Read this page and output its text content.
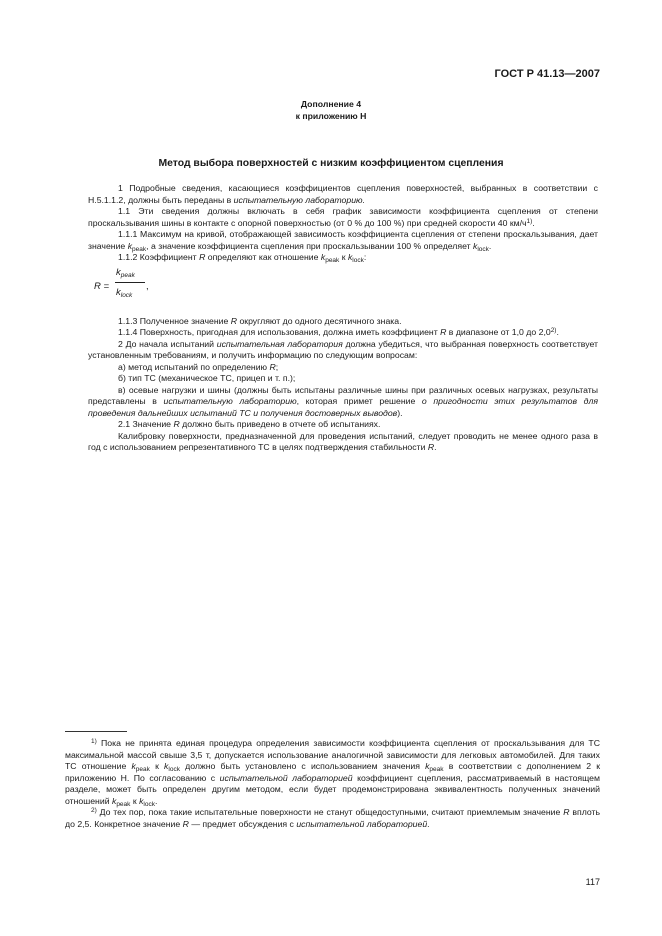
ГОСТ Р 41.13—2007
Дополнение 4
к приложению Н
Метод выбора поверхностей с низким коэффициентом сцепления

1 Подробные сведения, касающиеся коэффициентов сцепления поверхностей, выбранных в соответствии с Н.5.1.1.2, должны быть переданы в испытательную лабораторию.

1.1 Эти сведения должны включать в себя график зависимости коэффициента сцепления от степени проскальзывания шины в контакте с опорной поверхностью (от 0 % до 100 %) при средней скорости 40 $км/ч^{1)}$.

1.1.1 Максимум на кривой, отображающей зависимость коэффициента сцепления от степени проскальзывания, дает значение $k_{peak}$, а значение коэффициента сцепления при проскальзывании 100 % определяет $k_{lock}$.

1.1.2 Коэффициент R определяют как отношение $k_{peak}$ к $k_{lock}$:

R =
$k_{peak}$
$k_{lock}$
,

1.1.3 Полученное значение R округляют до одного десятичного знака.

1.1.4 Поверхность, пригодная для использования, должна иметь коэффициент R в диапазоне от 1,0 до 2,0$^{2)}$.

2 До начала испытаний испытательная лаборатория должна убедиться, что выбранная поверхность соответствует установленным требованиям, и получить информацию по следующим вопросам:

а) метод испытаний по определению R;

б) тип ТС (механическое ТС, прицеп и т. п.);

в) осевые нагрузки и шины (должны быть испытаны различные шины при различных осевых нагрузках, результаты представлены в испытательную лабораторию, которая примет решение о пригодности этих результатов для проведения дальнейших испытаний ТС и получения достоверных выводов).

2.1 Значение R должно быть приведено в отчете об испытаниях.

Калибровку поверхности, предназначенной для проведения испытаний, следует проводить не менее одного раза в год с использованием репрезентативного ТС в целях подтверждения стабильности R.

$^{1)}$ Пока не принята единая процедура определения зависимости коэффициента сцепления от проскальзывания для ТС максимальной массой свыше 3,5 т, допускается использование аналогичной зависимости для легковых автомобилей. Для таких ТС отношение $k_{peak}$ к $k_{lock}$ должно быть установлено с использованием значения $k_{peak}$ в соответствии с дополнением 2 к приложению Н. По согласованию с испытательной лабораторией коэффициент сцепления, рассматриваемый в настоящем разделе, может быть определен другим методом, если будет продемонстрирована эквивалентность полученных значений отношений $k_{peak}$ к $k_{lock}$.

$^{2)}$ До тех пор, пока такие испытательные поверхности не станут общедоступными, считают приемлемым значение R вплоть до 2,5. Конкретное значение R — предмет обсуждения с испытательной лабораторией.

117
